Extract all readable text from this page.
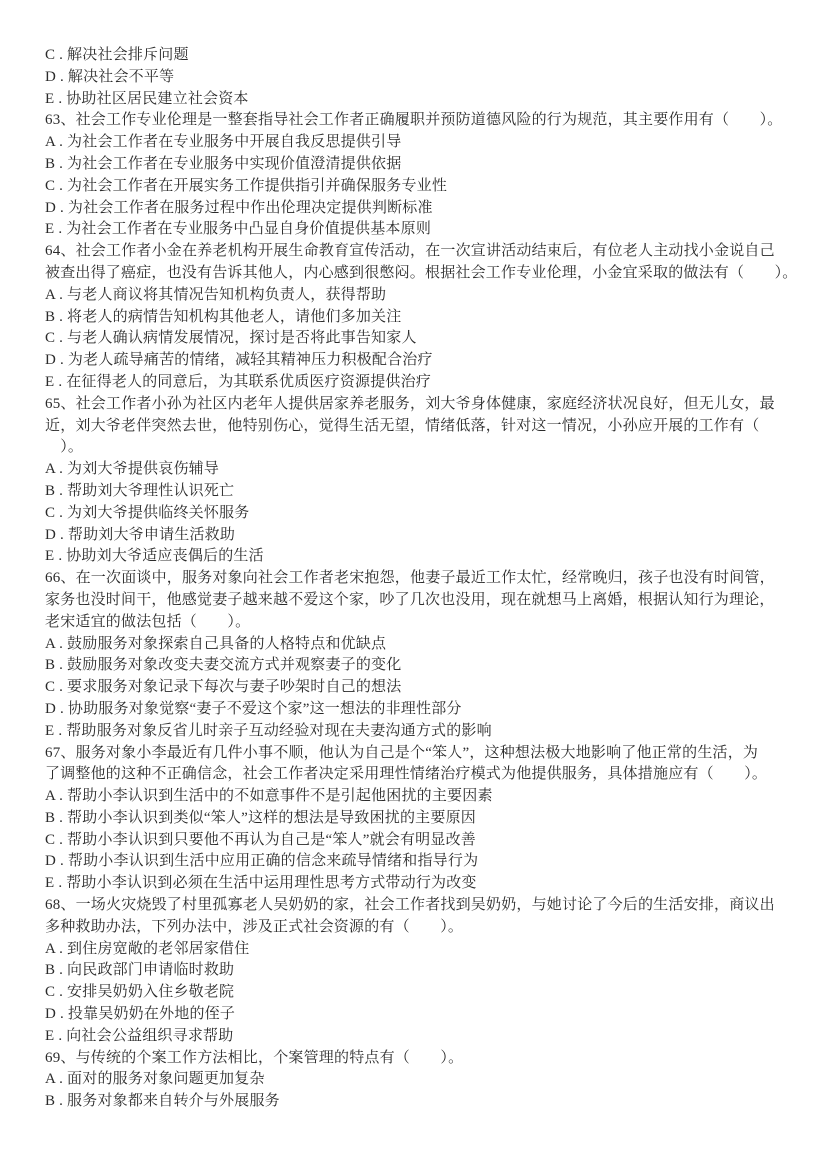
C . 解决社会排斥问题
D . 解决社会不平等
E . 协助社区居民建立社会资本
63、社会工作专业伦理是一整套指导社会工作者正确履职并预防道德风险的行为规范，其主要作用有（　　）。
A . 为社会工作者在专业服务中开展自我反思提供引导
B . 为社会工作者在专业服务中实现价值澄清提供依据
C . 为社会工作者在开展实务工作提供指引并确保服务专业性
D . 为社会工作者在服务过程中作出伦理决定提供判断标准
E . 为社会工作者在专业服务中凸显自身价值提供基本原则
64、社会工作者小金在养老机构开展生命教育宣传活动，在一次宣讲活动结束后，有位老人主动找小金说自己
被查出得了癌症，也没有告诉其他人，内心感到很憋闷。根据社会工作专业伦理，小金宜采取的做法有（　　）。
A . 与老人商议将其情况告知机构负责人，获得帮助
B . 将老人的病情告知机构其他老人，请他们多加关注
C . 与老人确认病情发展情况，探讨是否将此事告知家人
D . 为老人疏导痛苦的情绪，减轻其精神压力积极配合治疗
E . 在征得老人的同意后，为其联系优质医疗资源提供治疗
65、社会工作者小孙为社区内老年人提供居家养老服务，刘大爷身体健康，家庭经济状况良好，但无儿女，最
近，刘大爷老伴突然去世，他特别伤心，觉得生活无望，情绪低落，针对这一情况，小孙应开展的工作有（
　）。
A . 为刘大爷提供哀伤辅导
B . 帮助刘大爷理性认识死亡
C . 为刘大爷提供临终关怀服务
D . 帮助刘大爷申请生活救助
E . 协助刘大爷适应丧偶后的生活
66、在一次面谈中，服务对象向社会工作者老宋抱怨，他妻子最近工作太忙，经常晚归，孩子也没有时间管，
家务也没时间干，他感觉妻子越来越不爱这个家，吵了几次也没用，现在就想马上离婚，根据认知行为理论，
老宋适宜的做法包括（　　）。
A . 鼓励服务对象探索自己具备的人格特点和优缺点
B . 鼓励服务对象改变夫妻交流方式并观察妻子的变化
C . 要求服务对象记录下每次与妻子吵架时自己的想法
D . 协助服务对象觉察“妻子不爱这个家”这一想法的非理性部分
E . 帮助服务对象反省儿时亲子互动经验对现在夫妻沟通方式的影响
67、服务对象小李最近有几件小事不顺，他认为自己是个“笨人”，这种想法极大地影响了他正常的生活，为
了调整他的这种不正确信念，社会工作者决定采用理性情绪治疗模式为他提供服务，具体措施应有（　　）。
A . 帮助小李认识到生活中的不如意事件不是引起他困扰的主要因素
B . 帮助小李认识到类似“笨人”这样的想法是导致困扰的主要原因
C . 帮助小李认识到只要他不再认为自己是“笨人”就会有明显改善
D . 帮助小李认识到生活中应用正确的信念来疏导情绪和指导行为
E . 帮助小李认识到必须在生活中运用理性思考方式带动行为改变
68、一场火灾烧毁了村里孤寡老人吴奶奶的家，社会工作者找到吴奶奶，与她讨论了今后的生活安排，商议出
多种救助办法，下列办法中，涉及正式社会资源的有（　　）。
A . 到住房宽敞的老邻居家借住
B . 向民政部门申请临时救助
C . 安排吴奶奶入住乡敬老院
D . 投靠吴奶奶在外地的侄子
E . 向社会公益组织寻求帮助
69、与传统的个案工作方法相比，个案管理的特点有（　　）。
A . 面对的服务对象问题更加复杂
B . 服务对象都来自转介与外展服务
